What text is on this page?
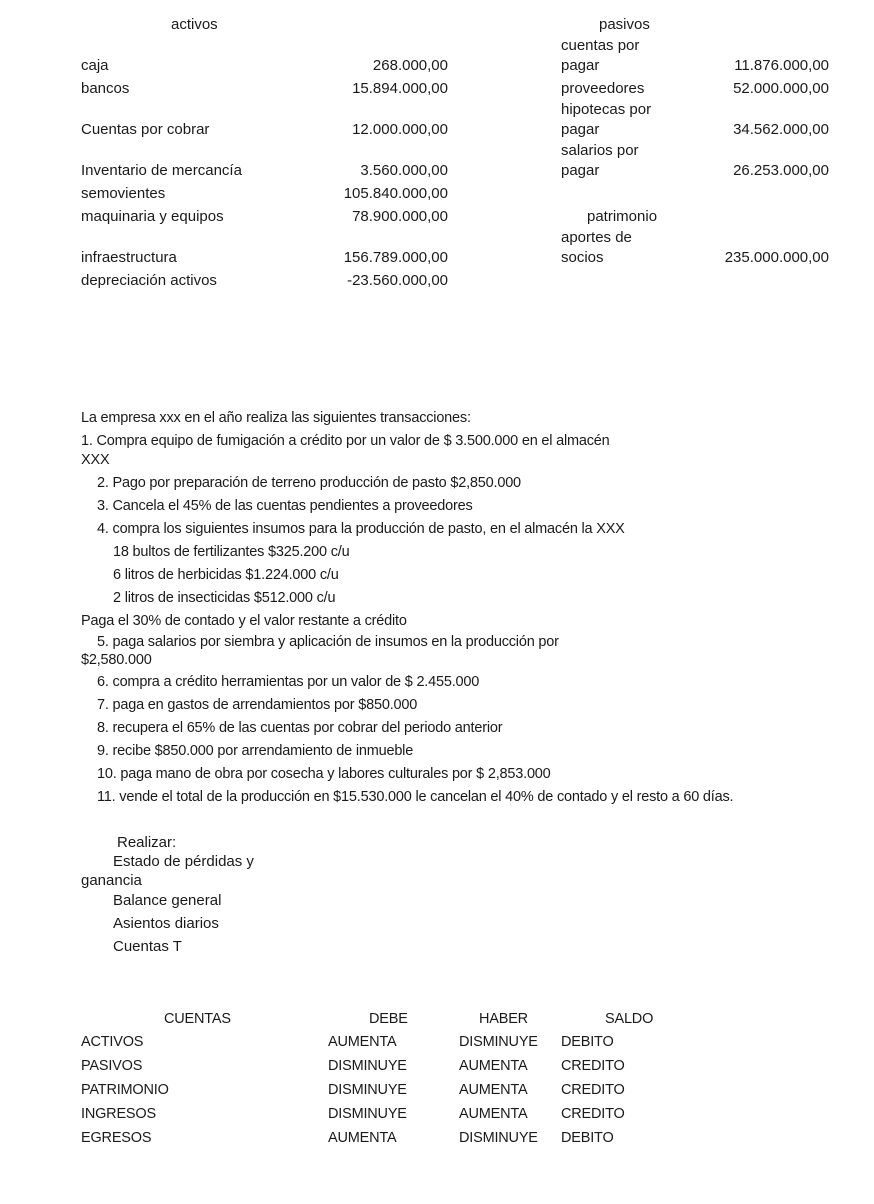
activos
caja	268.000,00
bancos	15.894.000,00
Cuentas por cobrar	12.000.000,00
Inventario de mercancía	3.560.000,00
semovientes	105.840.000,00
maquinaria y equipos	78.900.000,00
infraestructura	156.789.000,00
depreciación activos	-23.560.000,00
pasivos
cuentas por
pagar	11.876.000,00
proveedores	52.000.000,00
hipotecas por
pagar	34.562.000,00
salarios por
pagar	26.253.000,00
patrimonio
aportes de
socios	235.000.000,00
La empresa xxx en el año realiza las siguientes transacciones:
1. Compra equipo de fumigación a crédito por un valor de $ 3.500.000 en el almacén
XXX
2. Pago por preparación de terreno producción de pasto $2,850.000
3. Cancela el 45% de las cuentas pendientes a proveedores
4. compra los siguientes insumos para la producción de pasto, en el almacén la XXX
18 bultos de fertilizantes $325.200 c/u
6 litros de herbicidas $1.224.000 c/u
2 litros de insecticidas $512.000 c/u
Paga el 30% de contado y el valor restante a crédito
5. paga salarios por siembra y aplicación de insumos en la producción por
$2,580.000
6. compra a crédito herramientas por un valor de $ 2.455.000
7. paga en gastos de arrendamientos por $850.000
8. recupera el 65% de las cuentas por cobrar del periodo anterior
9. recibe $850.000 por arrendamiento de inmueble
10. paga mano de obra por cosecha y labores culturales por $ 2,853.000
11. vende el total de la producción en $15.530.000 le cancelan el 40% de contado y el resto a 60 días.
Realizar:
Estado de pérdidas y
ganancia
Balance general
Asientos diarios
Cuentas T
CUENTAS	DEBE	HABER	SALDO
ACTIVOS	AUMENTA	DISMINUYE DEBITO
PASIVOS	DISMINUYE	AUMENTA CREDITO
PATRIMONIO	DISMINUYE	AUMENTA CREDITO
INGRESOS	DISMINUYE	AUMENTA CREDITO
EGRESOS	AUMENTA	DISMINUYE DEBITO
